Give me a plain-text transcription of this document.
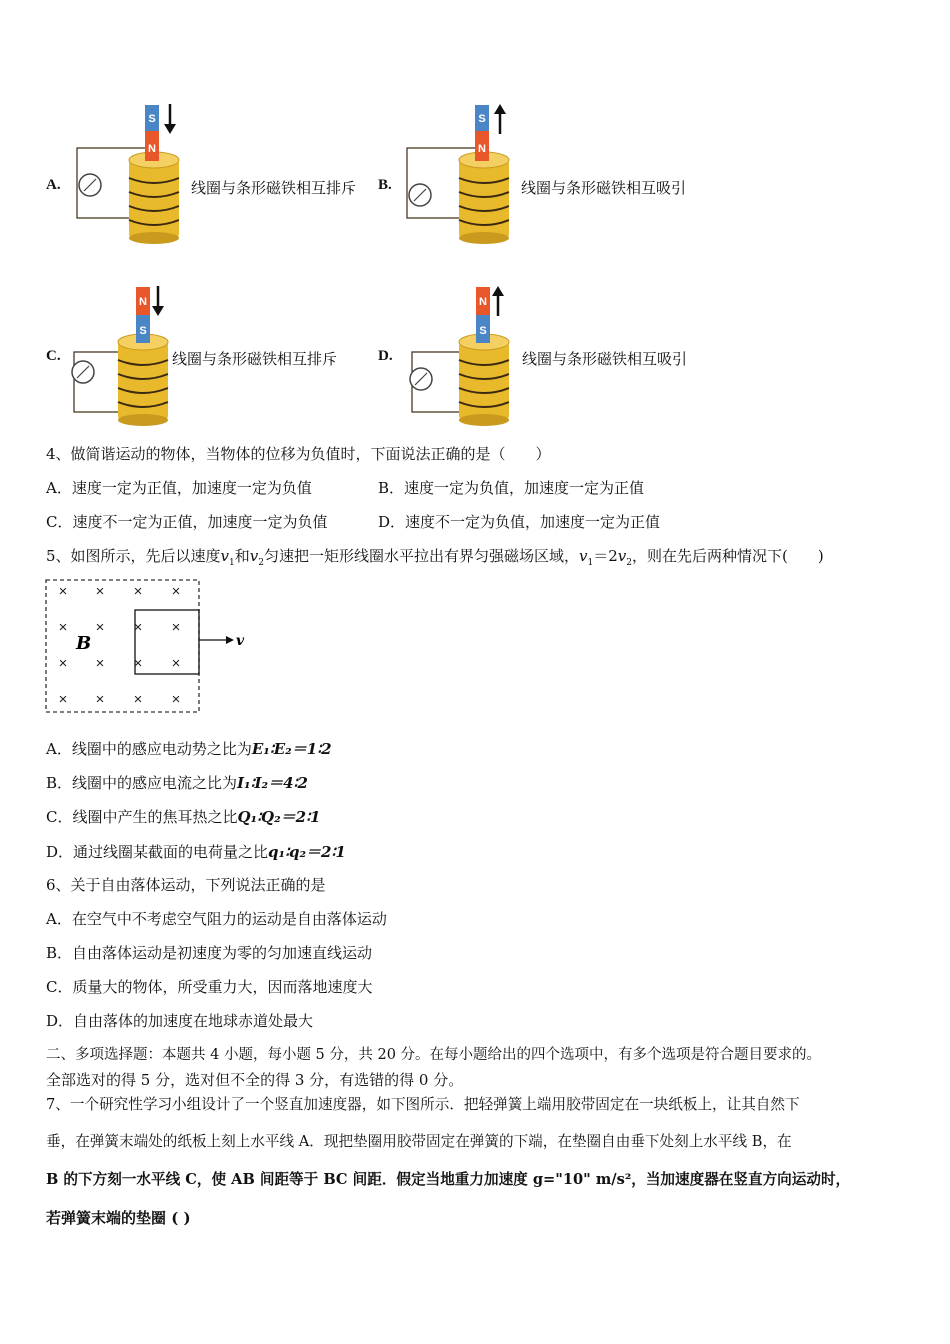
A.
S
N
线圈与条形磁铁相互排斥 B.
S
N
线圈与条形磁铁相互吸引
C.
N
S
线圈与条形磁铁相互排斥	D.
N
S
线圈与条形磁铁相互吸引
4、做简谐运动的物体，当物体的位移为负值时，下面说法正确的是（　　）
A．速度一定为正值，加速度一定为负值	B．速度一定为负值，加速度一定为正值
C．速度不一定为正值，加速度一定为负值	D．速度不一定为负值，加速度一定为正值
5、如图所示，先后以速度$v_1$和$v_2$匀速把一矩形线圈水平拉出有界匀强磁场区域，$v_1=2v_2$，则在先后两种情况下(　　)
v
B
× × × ×
× × × ×
× × × ×
× × × ×
A．线圈中的感应电动势之比为E₁∶E₂＝1∶2
B．线圈中的感应电流之比为I₁∶I₂＝4∶2
C．线圈中产生的焦耳热之比Q₁∶Q₂＝2∶1
D．通过线圈某截面的电荷量之比q₁∶q₂＝2∶1
6、关于自由落体运动，下列说法正确的是
A．在空气中不考虑空气阻力的运动是自由落体运动
B．自由落体运动是初速度为零的匀加速直线运动
C．质量大的物体，所受重力大，因而落地速度大
D．自由落体的加速度在地球赤道处最大
二、多项选择题：本题共 4 小题，每小题 5 分，共 20 分。在每小题给出的四个选项中，有多个选项是符合题目要求的。
全部选对的得 5 分，选对但不全的得 3 分，有选错的得 0 分。
7、一个研究性学习小组设计了一个竖直加速度器，如下图所示．把轻弹簧上端用胶带固定在一块纸板上，让其自然下
垂，在弹簧末端处的纸板上刻上水平线 A．现把垫圈用胶带固定在弹簧的下端，在垫圈自由垂下处刻上水平线 B，在
B 的下方刻一水平线 C，使 AB 间距等于 BC 间距．假定当地重力加速度 g="10" m/s²，当加速度器在竖直方向运动时，
若弹簧末端的垫圈 ( )
